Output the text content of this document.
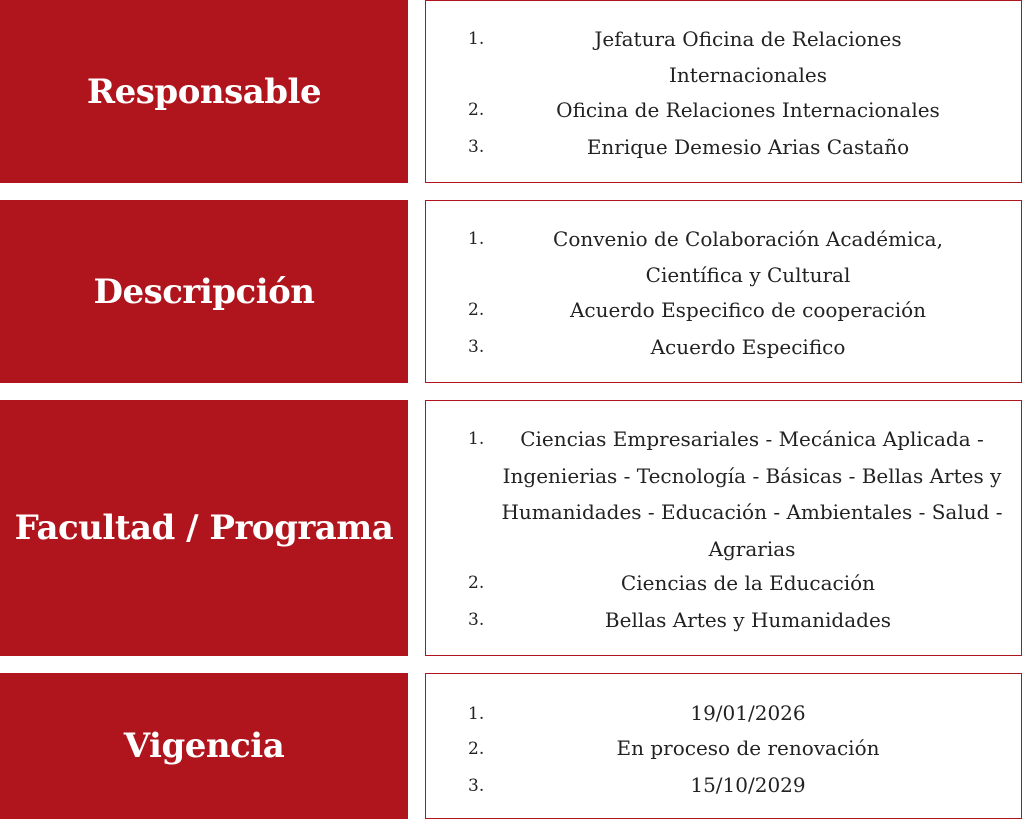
Responsable
1.	Jefatura Oficina de Relaciones Internacionales
2.	Oficina de Relaciones Internacionales
3.	Enrique Demesio Arias Castaño
Descripción
1.	Convenio de Colaboración Académica, Científica y Cultural
2.	Acuerdo Especifico de cooperación
3.	Acuerdo Especifico
Facultad / Programa
1.	Ciencias Empresariales - Mecánica Aplicada - Ingenierias - Tecnología - Básicas - Bellas Artes y Humanidades - Educación - Ambientales - Salud - Agrarias
2.	Ciencias de la Educación
3.	Bellas Artes y Humanidades
Vigencia
1.	19/01/2026
2.	En proceso de renovación
3.	15/10/2029
